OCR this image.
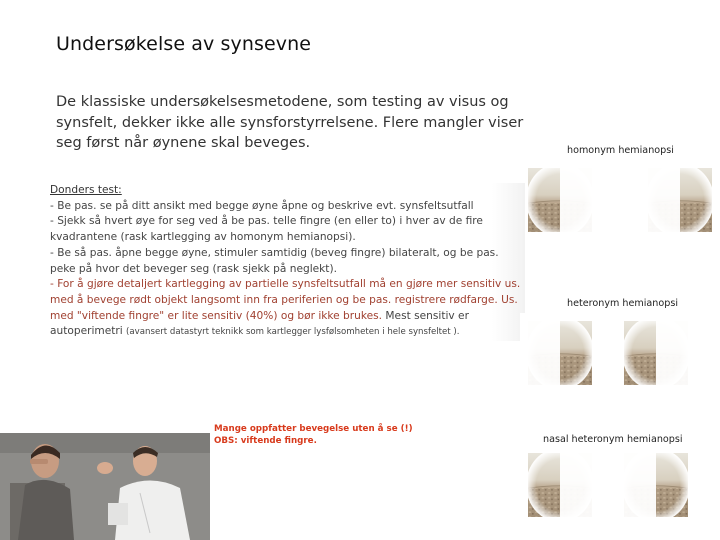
Undersøkelse av synsevne
De klassiske undersøkelsesmetodene, som testing av visus og synsfelt, dekker ikke alle synsforstyrrelsene. Flere mangler viser seg først når øynene skal beveges.

Donders test:

- Be pas. se på ditt ansikt med begge øyne åpne og beskrive evt. synsfeltsutfall

- Sjekk så hvert øye for seg ved å be pas. telle fingre (en eller to) i hver av de fire kvadrantene (rask kartlegging av homonym hemianopsi).

- Be så pas. åpne begge øyne, stimuler samtidig (beveg fingre) bilateralt, og be pas. peke på hvor det beveger seg (rask sjekk på neglekt).

- For å gjøre detaljert kartlegging av partielle synsfeltsutfall må en gjøre mer sensitiv us. med å bevege rødt objekt langsomt inn fra periferien og be pas. registrere rødfarge. Us. med "viftende fingre" er lite sensitiv (40%) og bør ikke brukes. Mest sensitiv er autoperimetri (avansert datastyrt teknikk som kartlegger lysfølsomheten i hele synsfeltet ).

Mange oppfatter bevegelse uten å se (!)
OBS: viftende fingre.
homonym hemianopsi
heteronym hemianopsi
nasal heteronym hemianopsi
